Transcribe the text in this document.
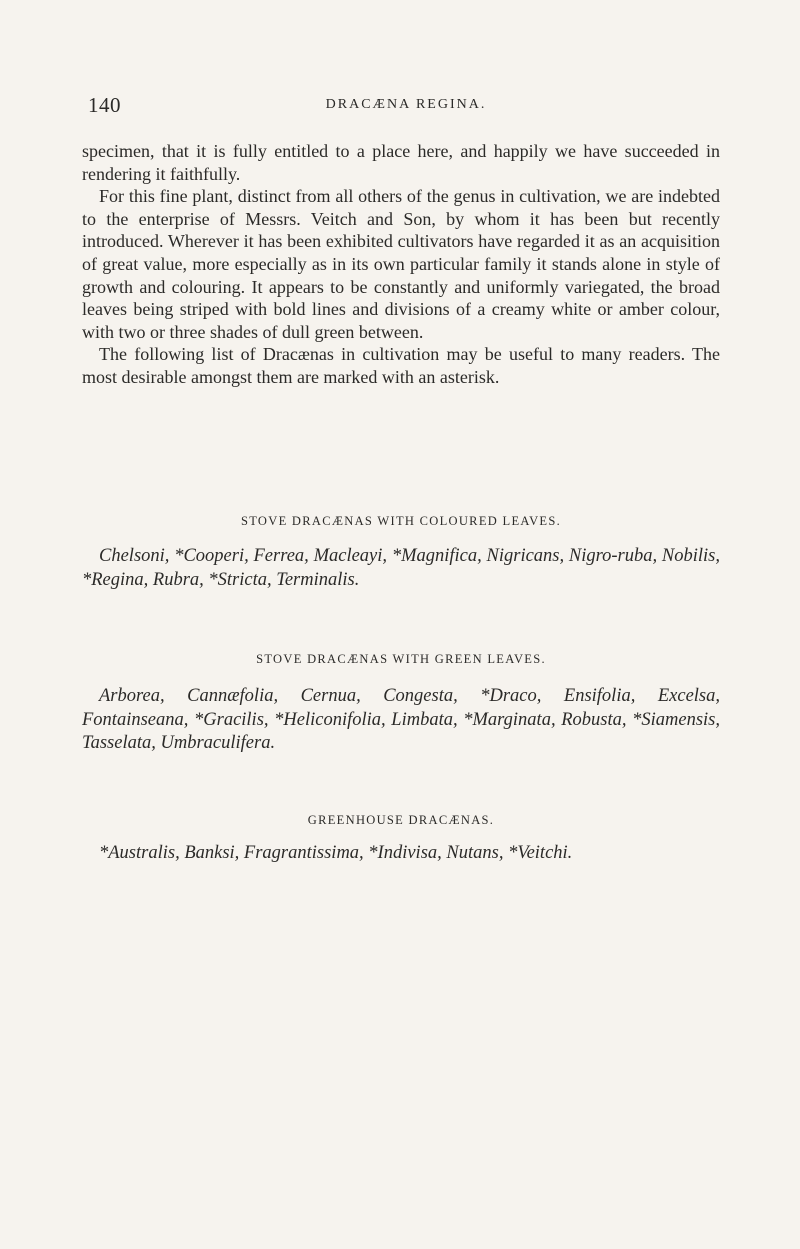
140	DRACÆNA REGINA.

specimen, that it is fully entitled to a place here, and happily we have succeeded in rendering it faithfully.

For this fine plant, distinct from all others of the genus in cultivation, we are indebted to the enterprise of Messrs. Veitch and Son, by whom it has been but recently introduced. Wherever it has been exhibited cultivators have regarded it as an acquisition of great value, more especially as in its own particular family it stands alone in style of growth and colouring. It appears to be constantly and uniformly variegated, the broad leaves being striped with bold lines and divisions of a creamy white or amber colour, with two or three shades of dull green between.

The following list of Dracænas in cultivation may be useful to many readers. The most desirable amongst them are marked with an asterisk.

STOVE DRACÆNAS WITH COLOURED LEAVES.
Chelsoni, *Cooperi, Ferrea, Macleayi, *Magnifica, Nigricans, Nigro-ruba, Nobilis, *Regina, Rubra, *Stricta, Terminalis.
STOVE DRACÆNAS WITH GREEN LEAVES.
Arborea, Cannæfolia, Cernua, Congesta, *Draco, Ensifolia, Excelsa, Fontainseana, *Gracilis, *Heliconifolia, Limbata, *Marginata, Robusta, *Siamensis, Tasselata, Umbraculifera.
GREENHOUSE DRACÆNAS.
*Australis, Banksi, Fragrantissima, *Indivisa, Nutans, *Veitchi.
